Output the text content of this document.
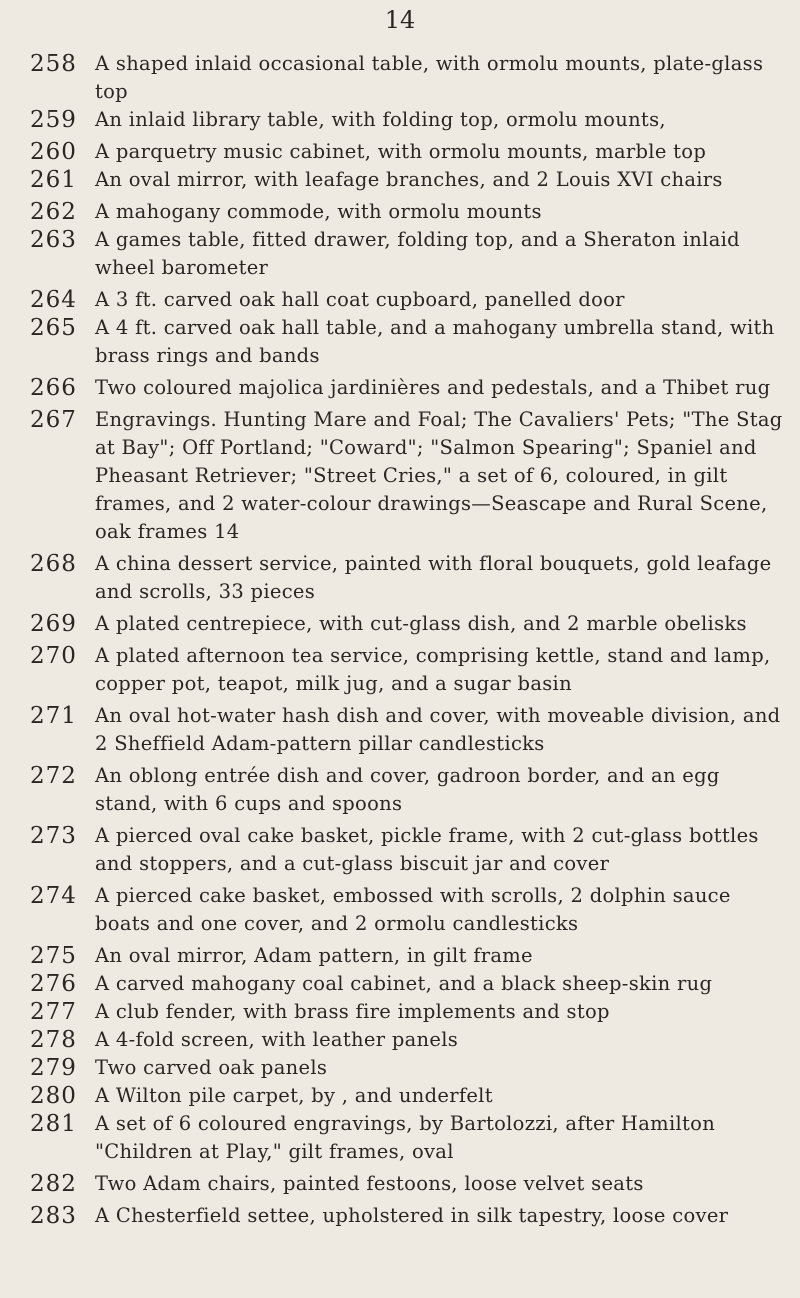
14
258 A shaped inlaid occasional table, with ormolu mounts, plate-glass top
259 An inlaid library table, with folding top, ormolu mounts,
260 A parquetry music cabinet, with ormolu mounts, marble top
261 An oval mirror, with leafage branches, and 2 Louis XVI chairs
262 A mahogany commode, with ormolu mounts
263 A games table, fitted drawer, folding top, and a Sheraton inlaid wheel barometer
264 A 3 ft. carved oak hall coat cupboard, panelled door
265 A 4 ft. carved oak hall table, and a mahogany umbrella stand, with brass rings and bands
266 Two coloured majolica jardinières and pedestals, and a Thibet rug
267 Engravings. Hunting Mare and Foal; The Cavaliers' Pets; "The Stag at Bay"; Off Portland; "Coward"; "Salmon Spearing"; Spaniel and Pheasant Retriever; "Street Cries," a set of 6, coloured, in gilt frames, and 2 water-colour drawings—Seascape and Rural Scene, oak frames 14
268 A china dessert service, painted with floral bouquets, gold leafage and scrolls, 33 pieces
269 A plated centrepiece, with cut-glass dish, and 2 marble obelisks
270 A plated afternoon tea service, comprising kettle, stand and lamp, copper pot, teapot, milk jug, and a sugar basin
271 An oval hot-water hash dish and cover, with moveable division, and 2 Sheffield Adam-pattern pillar candlesticks
272 An oblong entrée dish and cover, gadroon border, and an egg stand, with 6 cups and spoons
273 A pierced oval cake basket, pickle frame, with 2 cut-glass bottles and stoppers, and a cut-glass biscuit jar and cover
274 A pierced cake basket, embossed with scrolls, 2 dolphin sauce boats and one cover, and 2 ormolu candlesticks
275 An oval mirror, Adam pattern, in gilt frame
276 A carved mahogany coal cabinet, and a black sheep-skin rug
277 A club fender, with brass fire implements and stop
278 A 4-fold screen, with leather panels
279 Two carved oak panels
280 A Wilton pile carpet, by , and underfelt
281 A set of 6 coloured engravings, by Bartolozzi, after Hamilton "Children at Play," gilt frames, oval
282 Two Adam chairs, painted festoons, loose velvet seats
283 A Chesterfield settee, upholstered in silk tapestry, loose cover
